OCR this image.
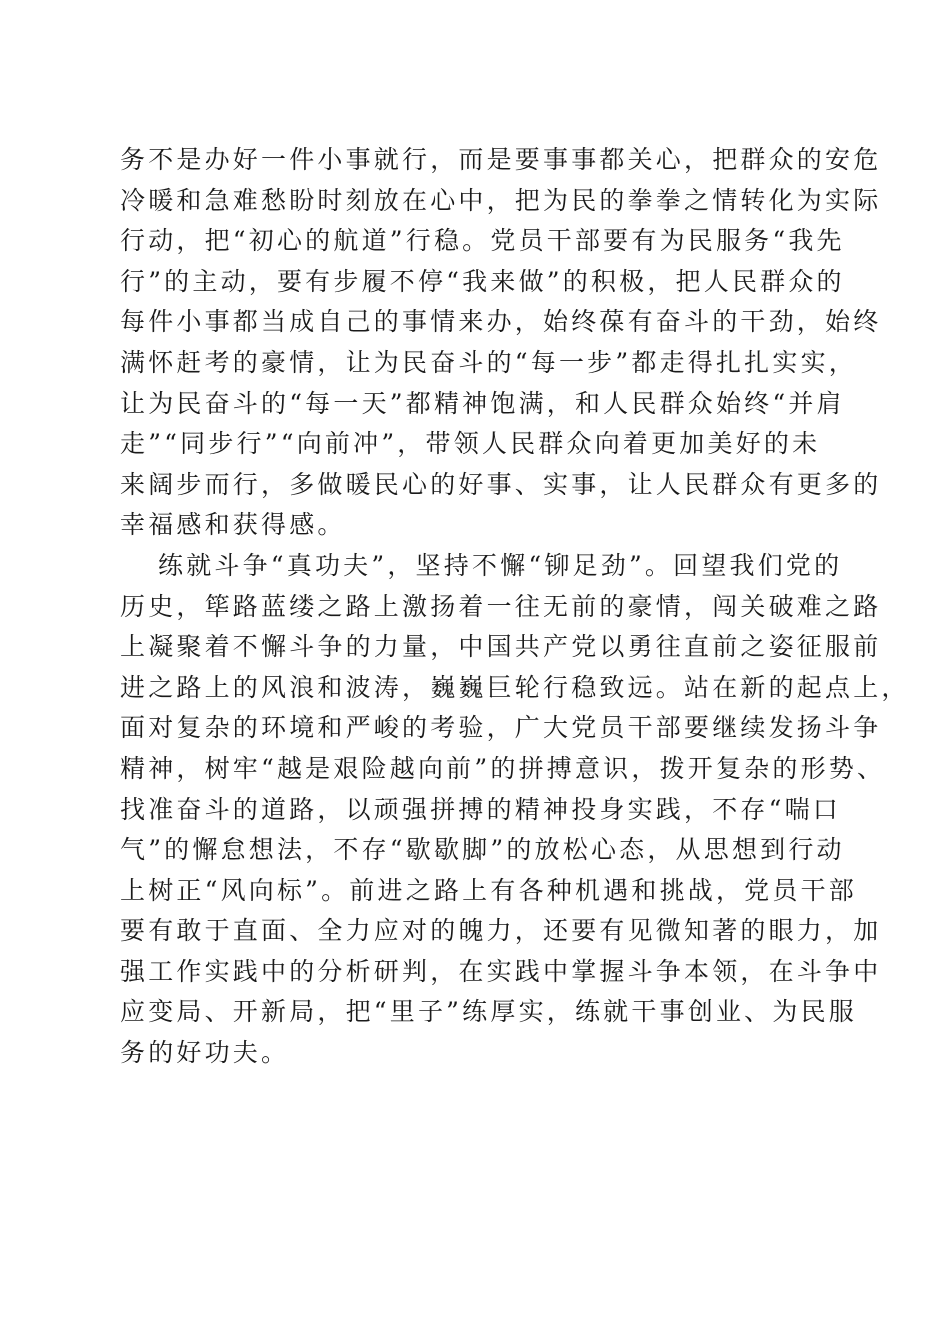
务不是办好一件小事就行，而是要事事都关心，把群众的安危
冷暖和急难愁盼时刻放在心中，把为民的拳拳之情转化为实际
行动，把“初心的航道”行稳。党员干部要有为民服务“我先
行”的主动，要有步履不停“我来做”的积极，把人民群众的
每件小事都当成自己的事情来办，始终葆有奋斗的干劲，始终
满怀赶考的豪情，让为民奋斗的“每一步”都走得扎扎实实，
让为民奋斗的“每一天”都精神饱满，和人民群众始终“并肩
走”“同步行”“向前冲”，带领人民群众向着更加美好的未
来阔步而行，多做暖民心的好事、实事，让人民群众有更多的
幸福感和获得感。
练就斗争“真功夫”，坚持不懈“铆足劲”。回望我们党的
历史，筚路蓝缕之路上激扬着一往无前的豪情，闯关破难之路
上凝聚着不懈斗争的力量，中国共产党以勇往直前之姿征服前
进之路上的风浪和波涛，巍巍巨轮行稳致远。站在新的起点上，
面对复杂的环境和严峻的考验，广大党员干部要继续发扬斗争
精神，树牢“越是艰险越向前”的拼搏意识，拨开复杂的形势、
找准奋斗的道路，以顽强拼搏的精神投身实践，不存“喘口
气”的懈怠想法，不存“歇歇脚”的放松心态，从思想到行动
上树正“风向标”。前进之路上有各种机遇和挑战，党员干部
要有敢于直面、全力应对的魄力，还要有见微知著的眼力，加
强工作实践中的分析研判，在实践中掌握斗争本领，在斗争中
应变局、开新局，把“里子”练厚实，练就干事创业、为民服
务的好功夫。
